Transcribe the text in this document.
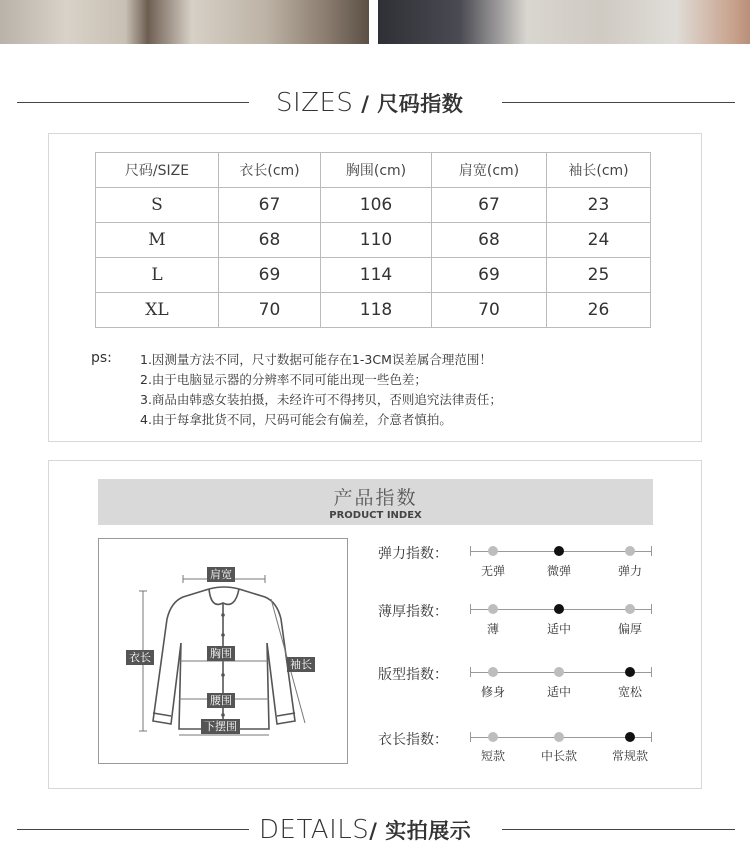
SIZES / 尺码指数
尺码/SIZE	衣长(cm)	胸围(cm)	肩宽(cm)	袖长(cm)
S	67	106	67	23
M	68	110	68	24
L	69	114	69	25
XL	70	118	70	26
ps: 1.因测量方法不同，尺寸数据可能存在1-3CM误差属合理范围！
2.由于电脑显示器的分辨率不同可能出现一些色差；
3.商品由韩惑女装拍摄，未经许可不得拷贝，否则追究法律责任；
4.由于每拿批货不同，尺码可能会有偏差，介意者慎拍。
产品指数
PRODUCT INDEX
肩宽
衣长	胸围
袖长
腰围
下摆围
弹力指数：
无弹	微弹	弹力
薄厚指数：
薄	适中	偏厚
版型指数：
修身	适中	宽松
衣长指数：
短款	中长款	常规款
DETAILS/ 实拍展示
